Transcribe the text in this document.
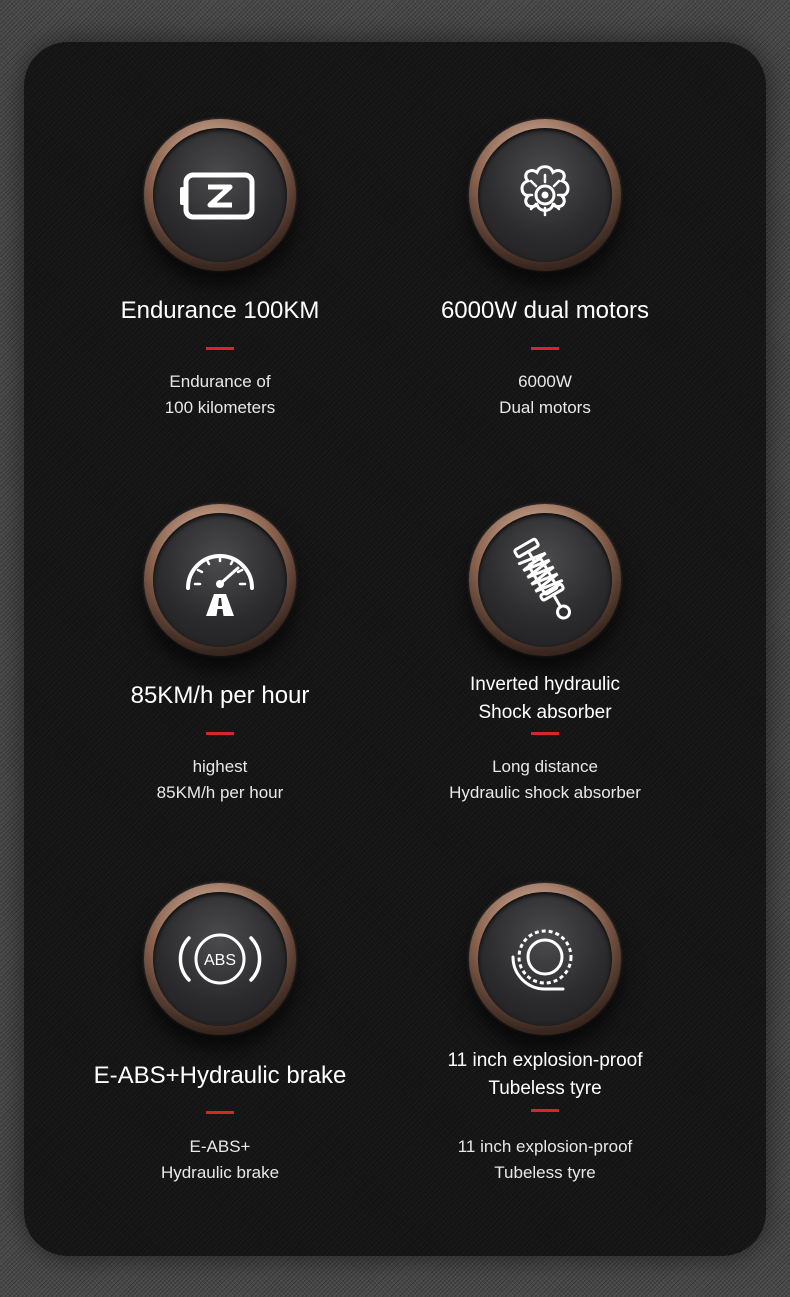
Endurance 100KM
Endurance of
100 kilometers
6000W dual motors
6000W
Dual motors
85KM/h per hour
highest
85KM/h per hour
Inverted hydraulic
Shock absorber
Long distance
Hydraulic shock absorber
ABS
E-ABS+Hydraulic brake
E-ABS+
Hydraulic brake
11 inch explosion-proof
Tubeless tyre
11 inch explosion-proof
Tubeless tyre
